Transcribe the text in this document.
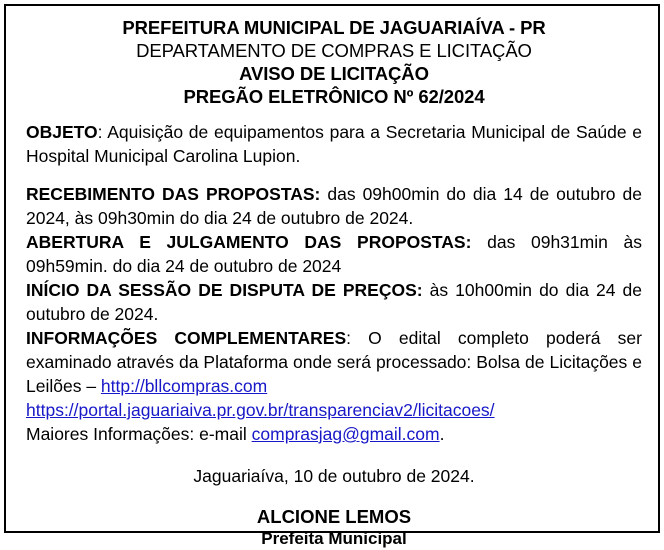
PREFEITURA MUNICIPAL DE JAGUARIAÍVA - PR
DEPARTAMENTO DE COMPRAS E LICITAÇÃO
AVISO DE LICITAÇÃO
PREGÃO ELETRÔNICO Nº 62/2024

OBJETO: Aquisição de equipamentos para a Secretaria Municipal de Saúde e Hospital Municipal Carolina Lupion.

RECEBIMENTO DAS PROPOSTAS: das 09h00min do dia 14 de outubro de 2024, às 09h30min do dia 24 de outubro de 2024.

ABERTURA E JULGAMENTO DAS PROPOSTAS: das 09h31min às 09h59min. do dia 24 de outubro de 2024

INÍCIO DA SESSÃO DE DISPUTA DE PREÇOS: às 10h00min do dia 24 de outubro de 2024.

INFORMAÇÕES COMPLEMENTARES: O edital completo poderá ser examinado através da Plataforma onde será processado: Bolsa de Licitações e Leilões – http://bllcompras.com

https://portal.jaguariaiva.pr.gov.br/transparenciav2/licitacoes/

Maiores Informações: e-mail comprasjag@gmail.com.

Jaguariaíva, 10 de outubro de 2024.

ALCIONE LEMOS
Prefeita Municipal
